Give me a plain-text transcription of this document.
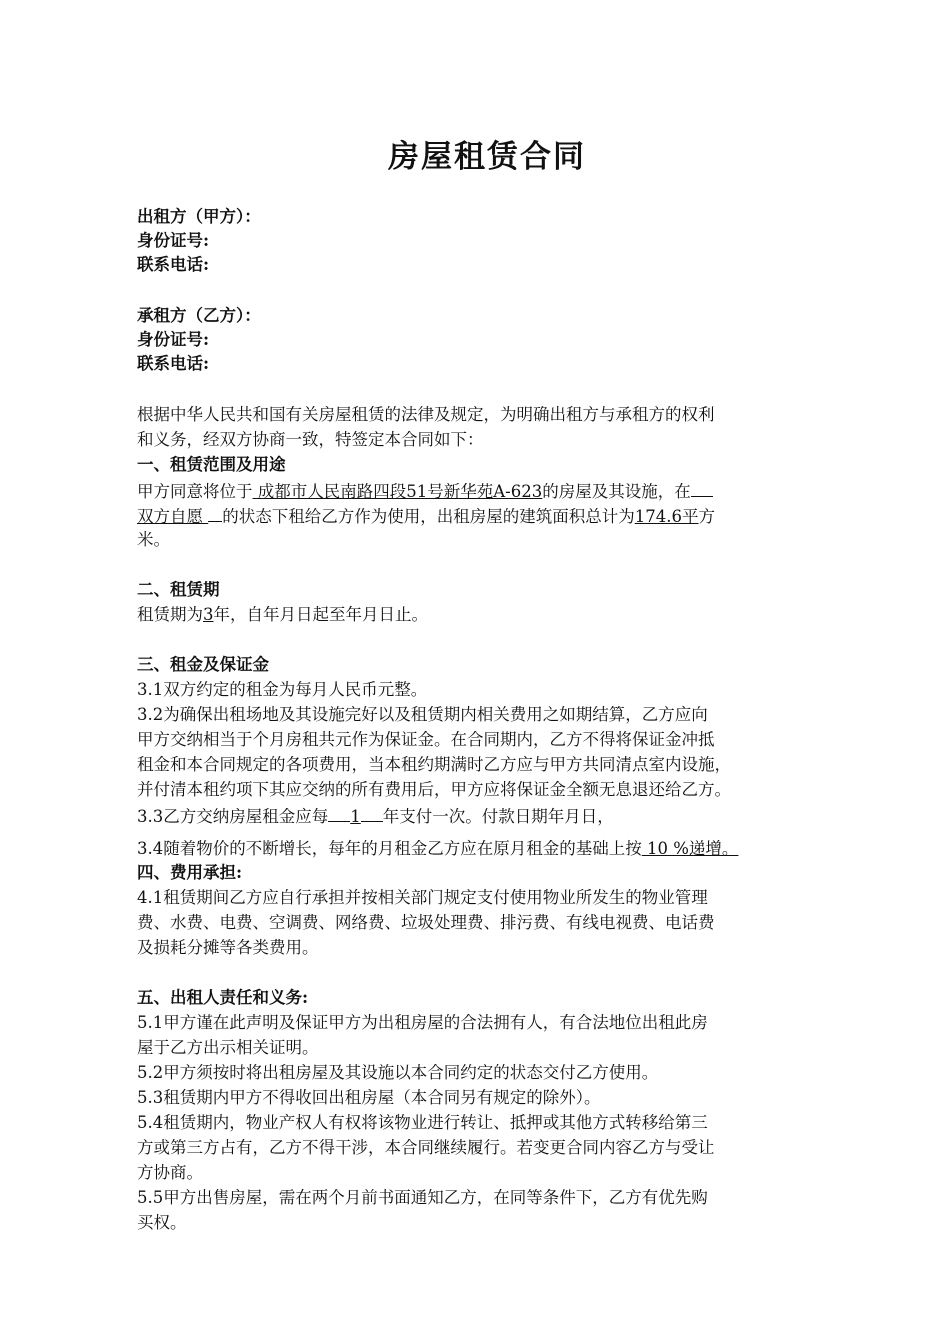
房屋租赁合同
出租方（甲方）：
身份证号:
联系电话:
承租方（乙方）：
身份证号:
联系电话:
根据中华人民共和国有关房屋租赁的法律及规定，为明确出租方与承租方的权利
和义务，经双方协商一致，特签定本合同如下：
一、租赁范围及用途
甲方同意将位于 成都市人民南路四段51号新华苑A-623的房屋及其设施，在
双方自愿 的状态下租给乙方作为使用，出租房屋的建筑面积总计为174.6平方
米。
二、租赁期
租赁期为3年，自年月日起至年月日止。
三、租金及保证金
3.1双方约定的租金为每月人民币元整。
3.2为确保出租场地及其设施完好以及租赁期内相关费用之如期结算，乙方应向
甲方交纳相当于个月房租共元作为保证金。在合同期内，乙方不得将保证金冲抵
租金和本合同规定的各项费用，当本租约期满时乙方应与甲方共同清点室内设施，
并付清本租约项下其应交纳的所有费用后，甲方应将保证金全额无息退还给乙方。
3.3乙方交纳房屋租金应每 1 年支付一次。付款日期年月日，
3.4随着物价的不断增长，每年的月租金乙方应在原月租金的基础上按 10 %递增。
四、费用承担:
4.1租赁期间乙方应自行承担并按相关部门规定支付使用物业所发生的物业管理
费、水费、电费、空调费、网络费、垃圾处理费、排污费、有线电视费、电话费
及损耗分摊等各类费用。
五、出租人责任和义务:
5.1甲方谨在此声明及保证甲方为出租房屋的合法拥有人，有合法地位出租此房
屋于乙方出示相关证明。
5.2甲方须按时将出租房屋及其设施以本合同约定的状态交付乙方使用。
5.3租赁期内甲方不得收回出租房屋（本合同另有规定的除外）。
5.4租赁期内，物业产权人有权将该物业进行转让、抵押或其他方式转移给第三
方或第三方占有，乙方不得干涉，本合同继续履行。若变更合同内容乙方与受让
方协商。
5.5甲方出售房屋，需在两个月前书面通知乙方，在同等条件下，乙方有优先购
买权。
